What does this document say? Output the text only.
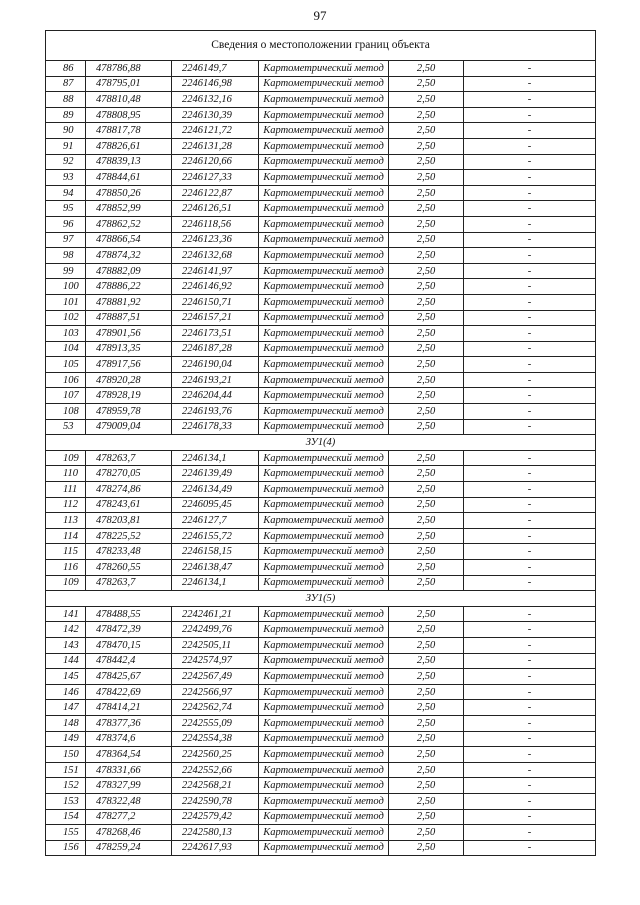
97
Сведения о местоположении границ объекта					
86	478786,88	2246149,7	Картометрический метод	2,50	-
87	478795,01	2246146,98	Картометрический метод	2,50	-
88	478810,48	2246132,16	Картометрический метод	2,50	-
89	478808,95	2246130,39	Картометрический метод	2,50	-
90	478817,78	2246121,72	Картометрический метод	2,50	-
91	478826,61	2246131,28	Картометрический метод	2,50	-
92	478839,13	2246120,66	Картометрический метод	2,50	-
93	478844,61	2246127,33	Картометрический метод	2,50	-
94	478850,26	2246122,87	Картометрический метод	2,50	-
95	478852,99	2246126,51	Картометрический метод	2,50	-
96	478862,52	2246118,56	Картометрический метод	2,50	-
97	478866,54	2246123,36	Картометрический метод	2,50	-
98	478874,32	2246132,68	Картометрический метод	2,50	-
99	478882,09	2246141,97	Картометрический метод	2,50	-
100	478886,22	2246146,92	Картометрический метод	2,50	-
101	478881,92	2246150,71	Картометрический метод	2,50	-
102	478887,51	2246157,21	Картометрический метод	2,50	-
103	478901,56	2246173,51	Картометрический метод	2,50	-
104	478913,35	2246187,28	Картометрический метод	2,50	-
105	478917,56	2246190,04	Картометрический метод	2,50	-
106	478920,28	2246193,21	Картометрический метод	2,50	-
107	478928,19	2246204,44	Картометрический метод	2,50	-
108	478959,78	2246193,76	Картометрический метод	2,50	-
53	479009,04	2246178,33	Картометрический метод	2,50	-
ЗУ1(4)					
109	478263,7	2246134,1	Картометрический метод	2,50	-
110	478270,05	2246139,49	Картометрический метод	2,50	-
111	478274,86	2246134,49	Картометрический метод	2,50	-
112	478243,61	2246095,45	Картометрический метод	2,50	-
113	478203,81	2246127,7	Картометрический метод	2,50	-
114	478225,52	2246155,72	Картометрический метод	2,50	-
115	478233,48	2246158,15	Картометрический метод	2,50	-
116	478260,55	2246138,47	Картометрический метод	2,50	-
109	478263,7	2246134,1	Картометрический метод	2,50	-
ЗУ1(5)					
141	478488,55	2242461,21	Картометрический метод	2,50	-
142	478472,39	2242499,76	Картометрический метод	2,50	-
143	478470,15	2242505,11	Картометрический метод	2,50	-
144	478442,4	2242574,97	Картометрический метод	2,50	-
145	478425,67	2242567,49	Картометрический метод	2,50	-
146	478422,69	2242566,97	Картометрический метод	2,50	-
147	478414,21	2242562,74	Картометрический метод	2,50	-
148	478377,36	2242555,09	Картометрический метод	2,50	-
149	478374,6	2242554,38	Картометрический метод	2,50	-
150	478364,54	2242560,25	Картометрический метод	2,50	-
151	478331,66	2242552,66	Картометрический метод	2,50	-
152	478327,99	2242568,21	Картометрический метод	2,50	-
153	478322,48	2242590,78	Картометрический метод	2,50	-
154	478277,2	2242579,42	Картометрический метод	2,50	-
155	478268,46	2242580,13	Картометрический метод	2,50	-
156	478259,24	2242617,93	Картометрический метод	2,50	-
